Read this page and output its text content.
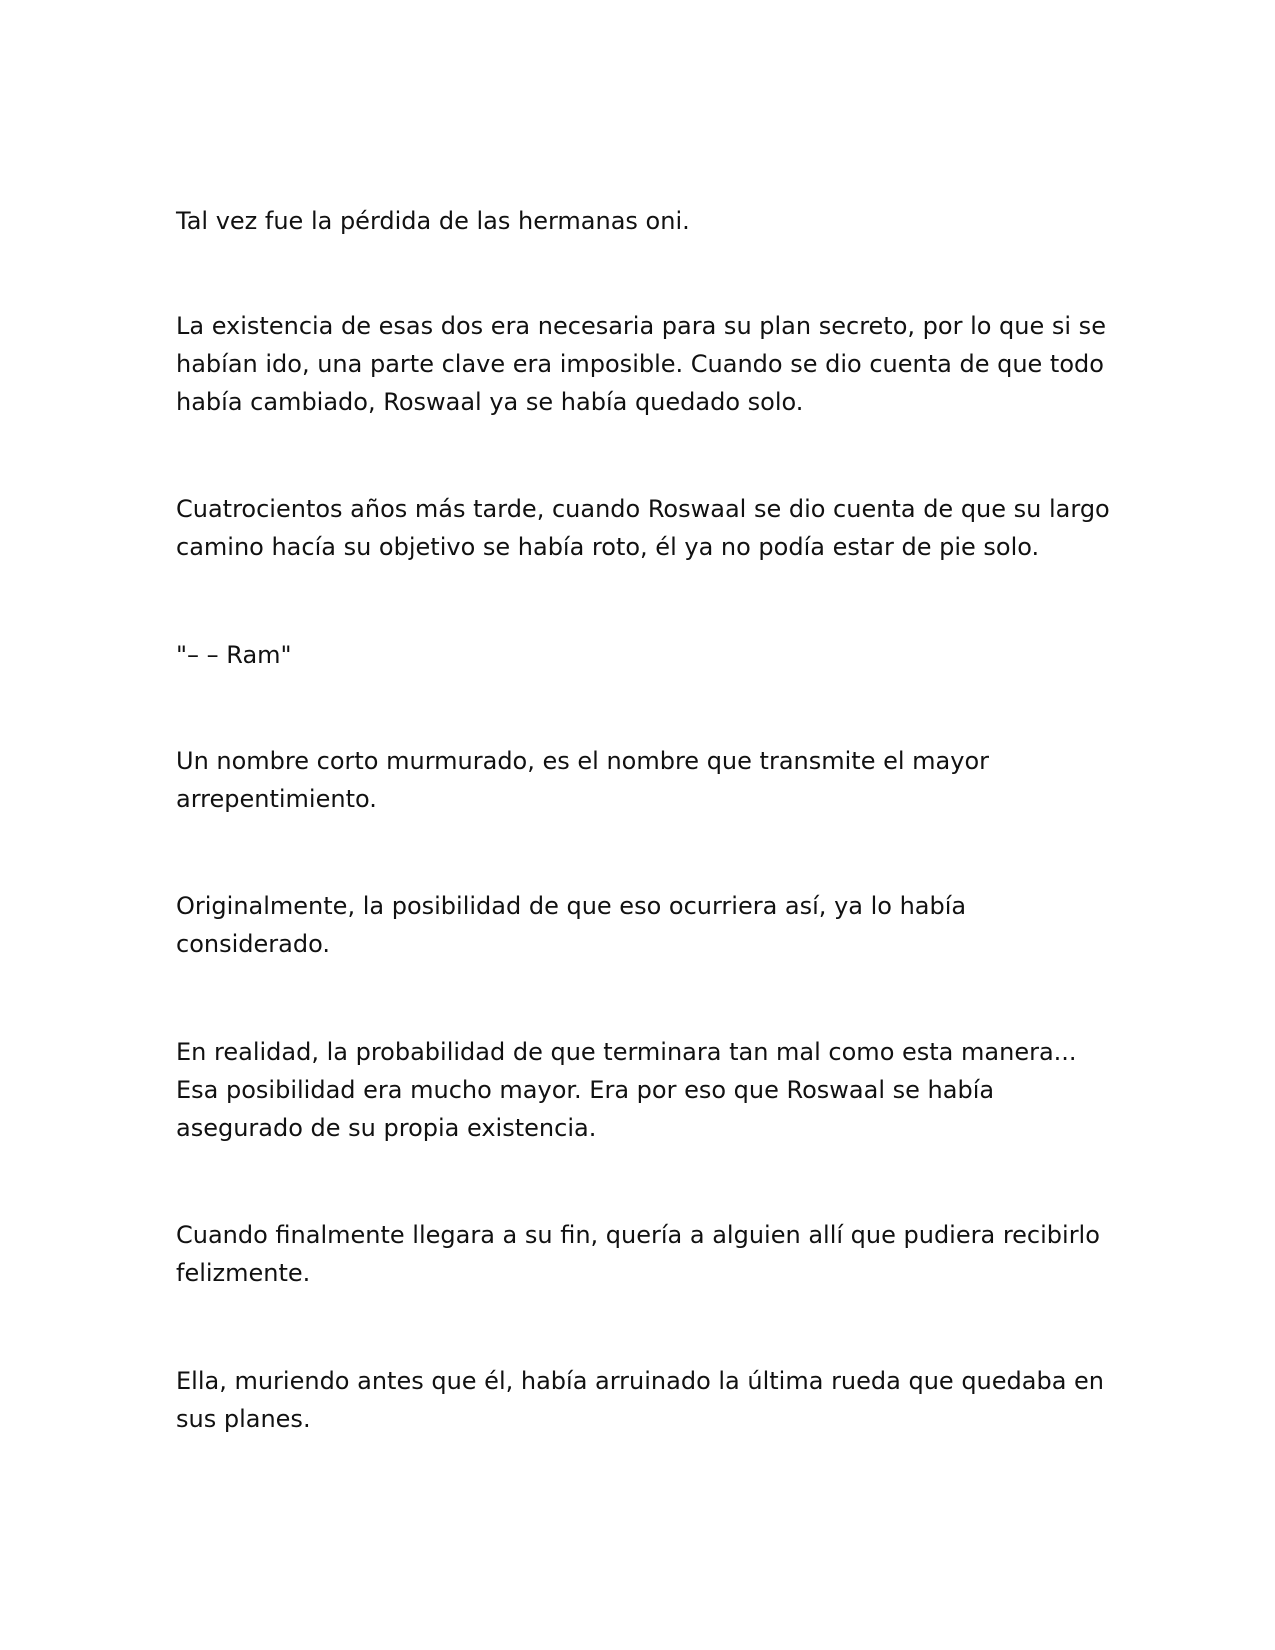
Tal vez fue la pérdida de las hermanas oni.

La existencia de esas dos era necesaria para su plan secreto, por lo que si se
habían ido, una parte clave era imposible. Cuando se dio cuenta de que todo
había cambiado, Roswaal ya se había quedado solo.

Cuatrocientos años más tarde, cuando Roswaal se dio cuenta de que su largo
camino hacía su objetivo se había roto, él ya no podía estar de pie solo.

"– – Ram"

Un nombre corto murmurado, es el nombre que transmite el mayor
arrepentimiento.

Originalmente, la posibilidad de que eso ocurriera así, ya lo había
considerado.

En realidad, la probabilidad de que terminara tan mal como esta manera...
Esa posibilidad era mucho mayor. Era por eso que Roswaal se había
asegurado de su propia existencia.

Cuando finalmente llegara a su fin, quería a alguien allí que pudiera recibirlo
felizmente.

Ella, muriendo antes que él, había arruinado la última rueda que quedaba en
sus planes.
